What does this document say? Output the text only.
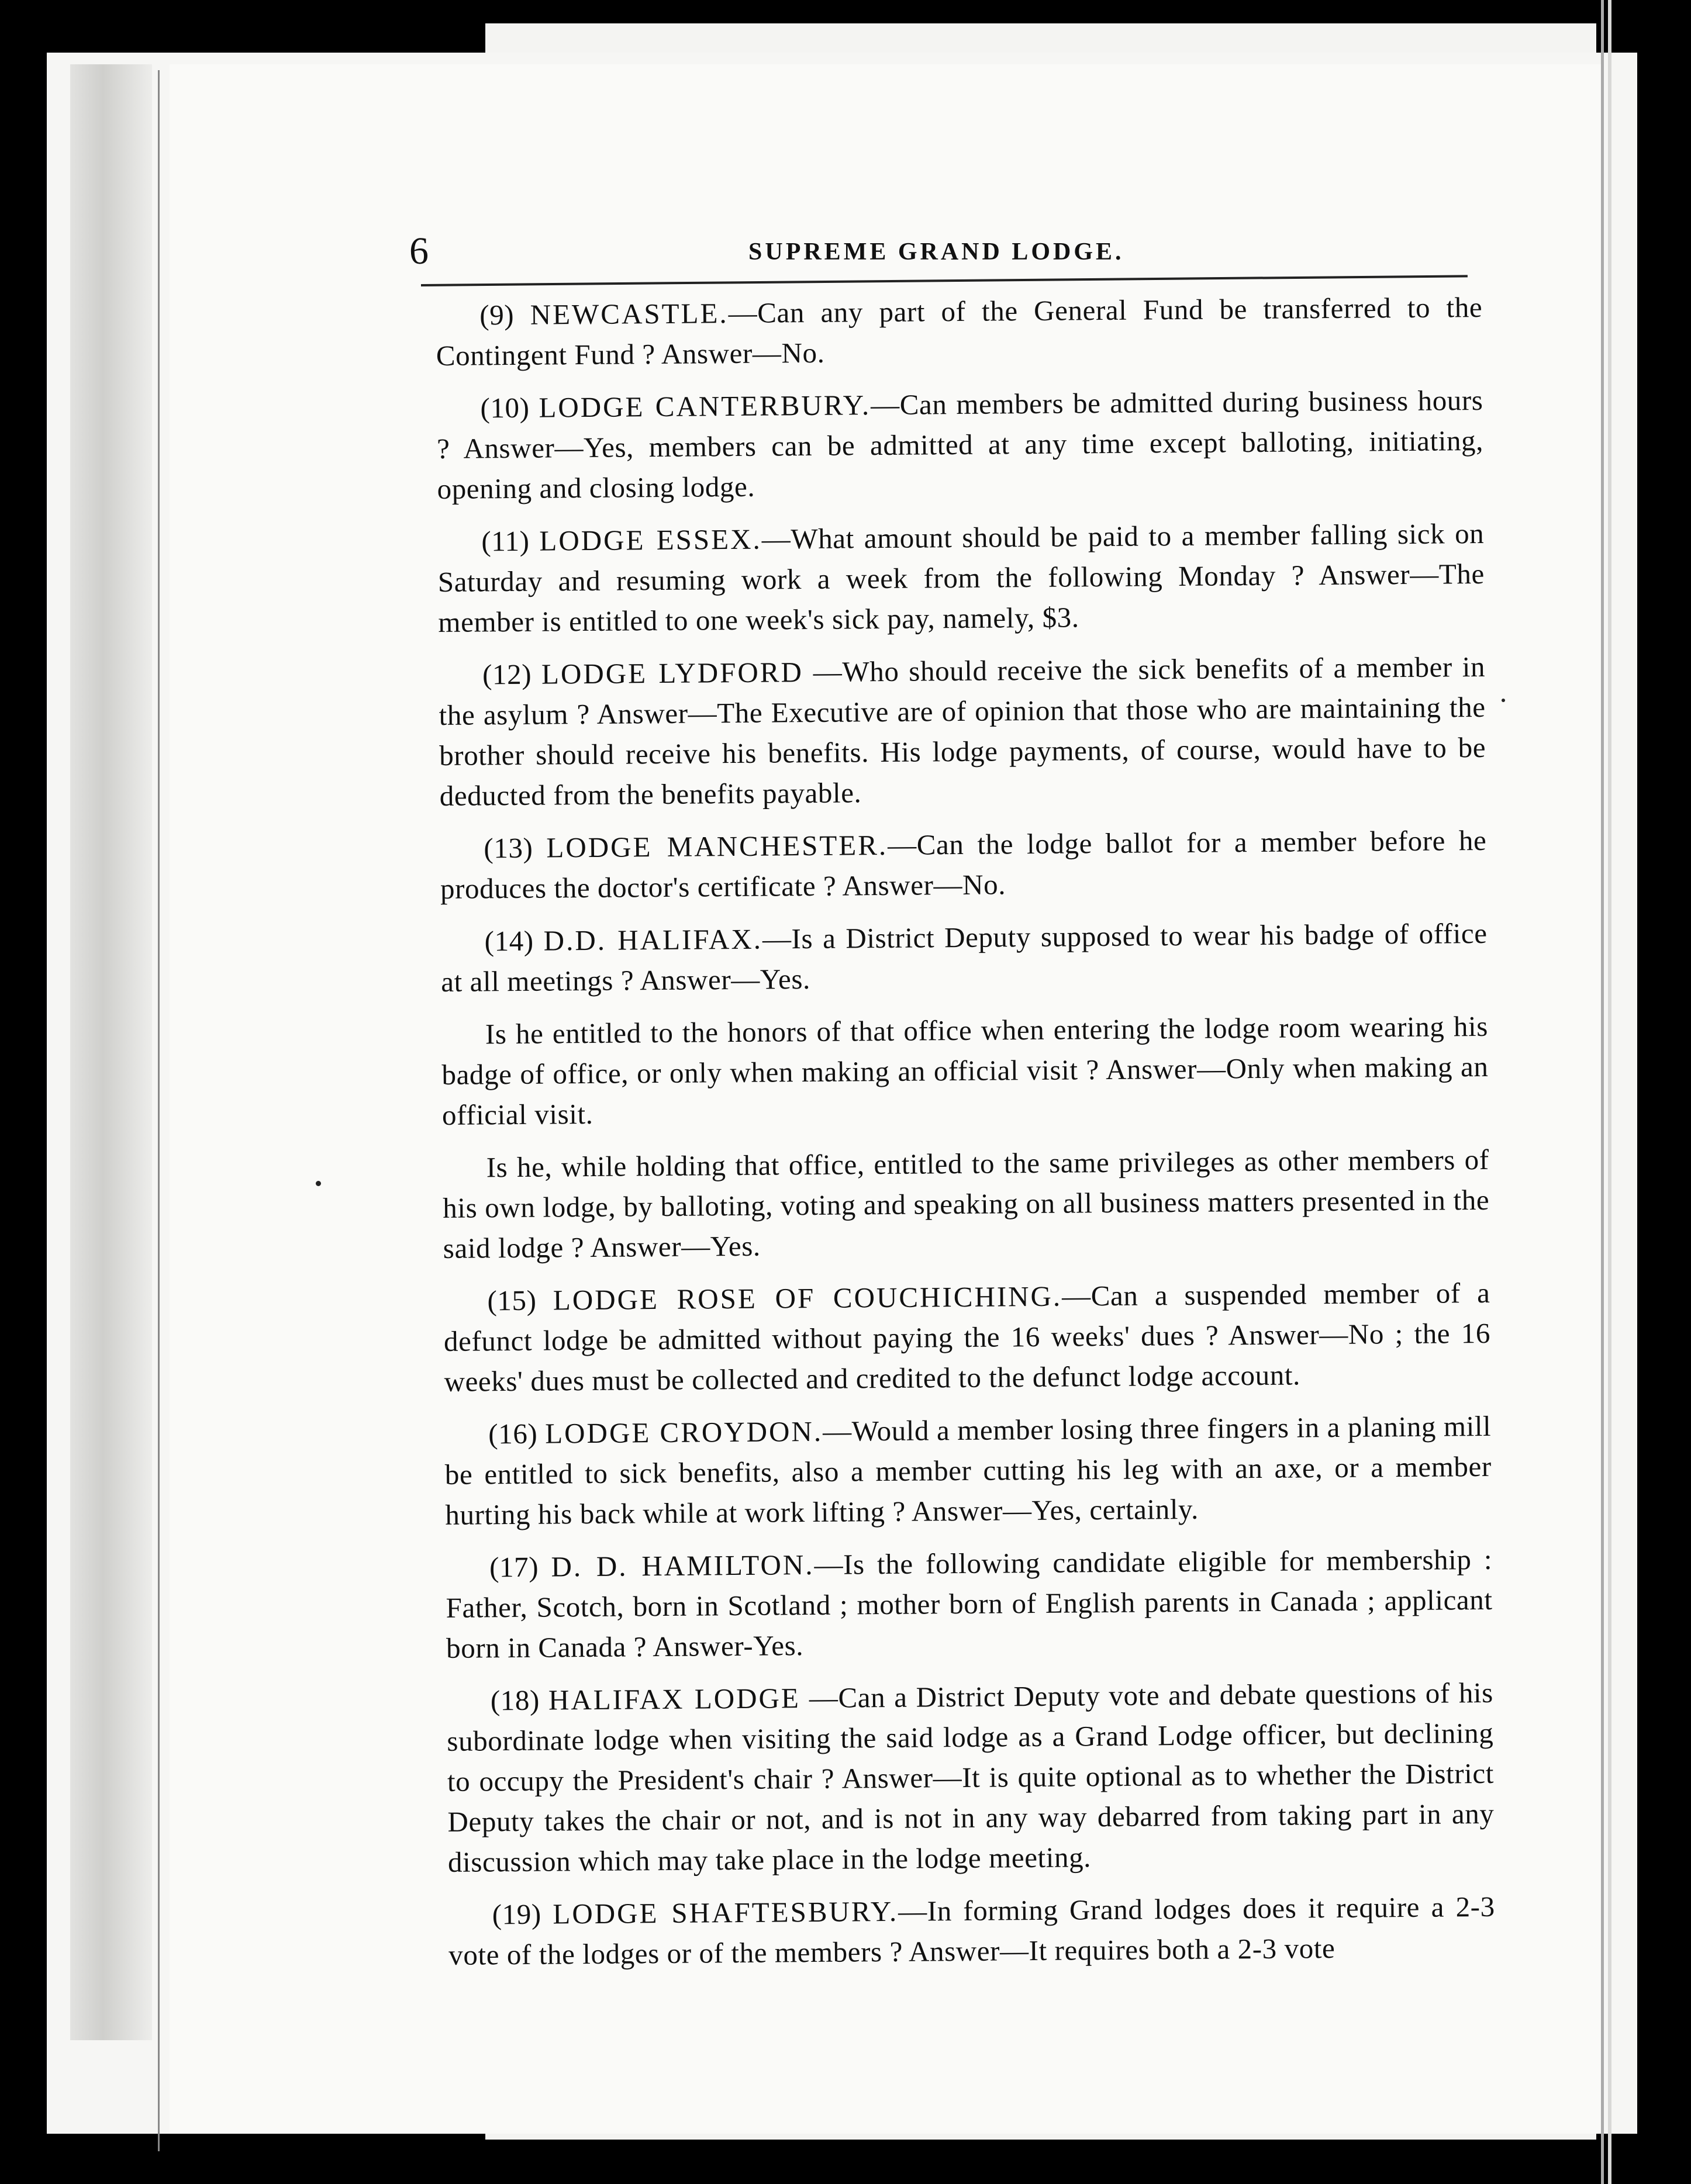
6	SUPREME GRAND LODGE.

(9) NEWCASTLE.—Can any part of the General Fund be transferred to the Contingent Fund ? Answer—No.

(10) LODGE CANTERBURY.—Can members be admitted during business hours ? Answer—Yes, members can be admitted at any time except balloting, initiating, opening and closing lodge.

(11) LODGE ESSEX.—What amount should be paid to a member falling sick on Saturday and resuming work a week from the following Monday ? Answer—The member is entitled to one week's sick pay, namely, $3.

(12) LODGE LYDFORD —Who should receive the sick benefits of a member in the asylum ? Answer—The Executive are of opinion that those who are maintaining the brother should receive his benefits. His lodge payments, of course, would have to be deducted from the benefits payable.

(13) LODGE MANCHESTER.—Can the lodge ballot for a member before he produces the doctor's certificate ? Answer—No.

(14) D.D. HALIFAX.—Is a District Deputy supposed to wear his badge of office at all meetings ? Answer—Yes.

Is he entitled to the honors of that office when entering the lodge room wearing his badge of office, or only when making an official visit ? Answer—Only when making an official visit.

Is he, while holding that office, entitled to the same privileges as other members of his own lodge, by balloting, voting and speaking on all business matters presented in the said lodge ? Answer—Yes.

(15) LODGE ROSE OF COUCHICHING.—Can a suspended member of a defunct lodge be admitted without paying the 16 weeks' dues ? Answer—No ; the 16 weeks' dues must be collected and credited to the defunct lodge account.

(16) LODGE CROYDON.—Would a member losing three fingers in a planing mill be entitled to sick benefits, also a member cutting his leg with an axe, or a member hurting his back while at work lifting ? Answer—Yes, certainly.

(17) D. D. HAMILTON.—Is the following candidate eligible for membership : Father, Scotch, born in Scotland ; mother born of English parents in Canada ; applicant born in Canada ? Answer-Yes.

(18) HALIFAX LODGE —Can a District Deputy vote and debate questions of his subordinate lodge when visiting the said lodge as a Grand Lodge officer, but declining to occupy the President's chair ? Answer—It is quite optional as to whether the District Deputy takes the chair or not, and is not in any way debarred from taking part in any discussion which may take place in the lodge meeting.

(19) LODGE SHAFTESBURY.—In forming Grand lodges does it require a 2-3 vote of the lodges or of the members ? Answer—It requires both a 2-3 vote
